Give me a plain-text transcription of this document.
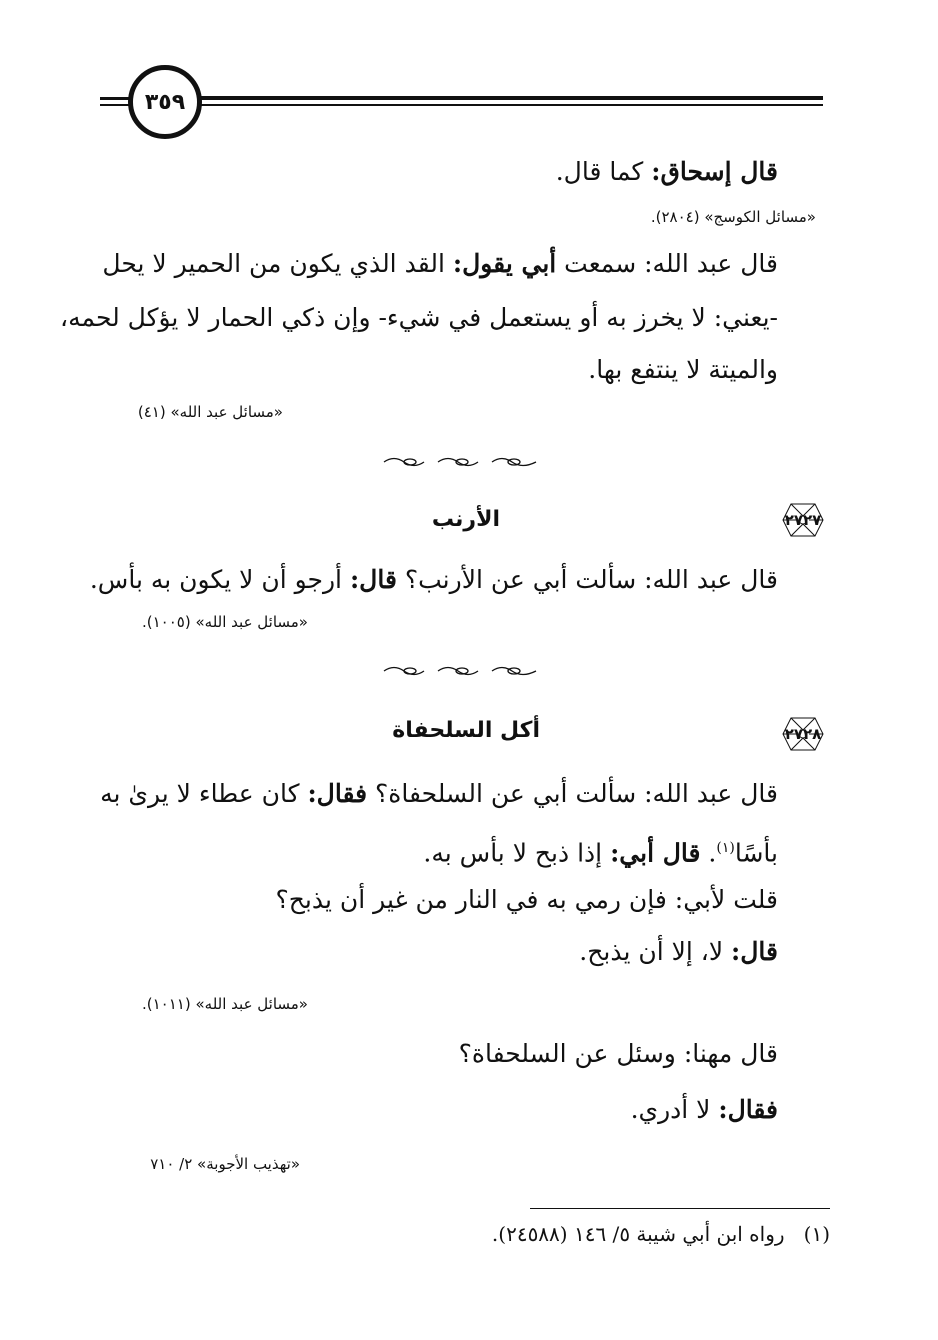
٣٥٩
قال إسحاق: كما قال.
«مسائل الكوسج» (٢٨٠٤).
قال عبد الله: سمعت أبي يقول: القد الذي يكون من الحمير لا يحل
-يعني: لا يخرز به أو يستعمل في شيء- وإن ذكي الحمار لا يؤكل لحمه،
والميتة لا ينتفع بها.
«مسائل عبد الله» (٤١)
٢٧٢٧
الأرنب
قال عبد الله: سألت أبي عن الأرنب؟ قال: أرجو أن لا يكون به بأس.
«مسائل عبد الله» (١٠٠٥).
٢٧٢٨
أكل السلحفاة
قال عبد الله: سألت أبي عن السلحفاة؟ فقال: كان عطاء لا يرىٰ به
بأسًا$^{(١)}$. قال أبي: إذا ذبح لا بأس به.
قلت لأبي: فإن رمي به في النار من غير أن يذبح؟
قال: لا، إلا أن يذبح.
«مسائل عبد الله» (١٠١١).
قال مهنا: وسئل عن السلحفاة؟
فقال: لا أدري.
«تهذيب الأجوبة» ٢/ ٧١٠
(١)   رواه ابن أبي شيبة ٥/ ١٤٦ (٢٤٥٨٨).
